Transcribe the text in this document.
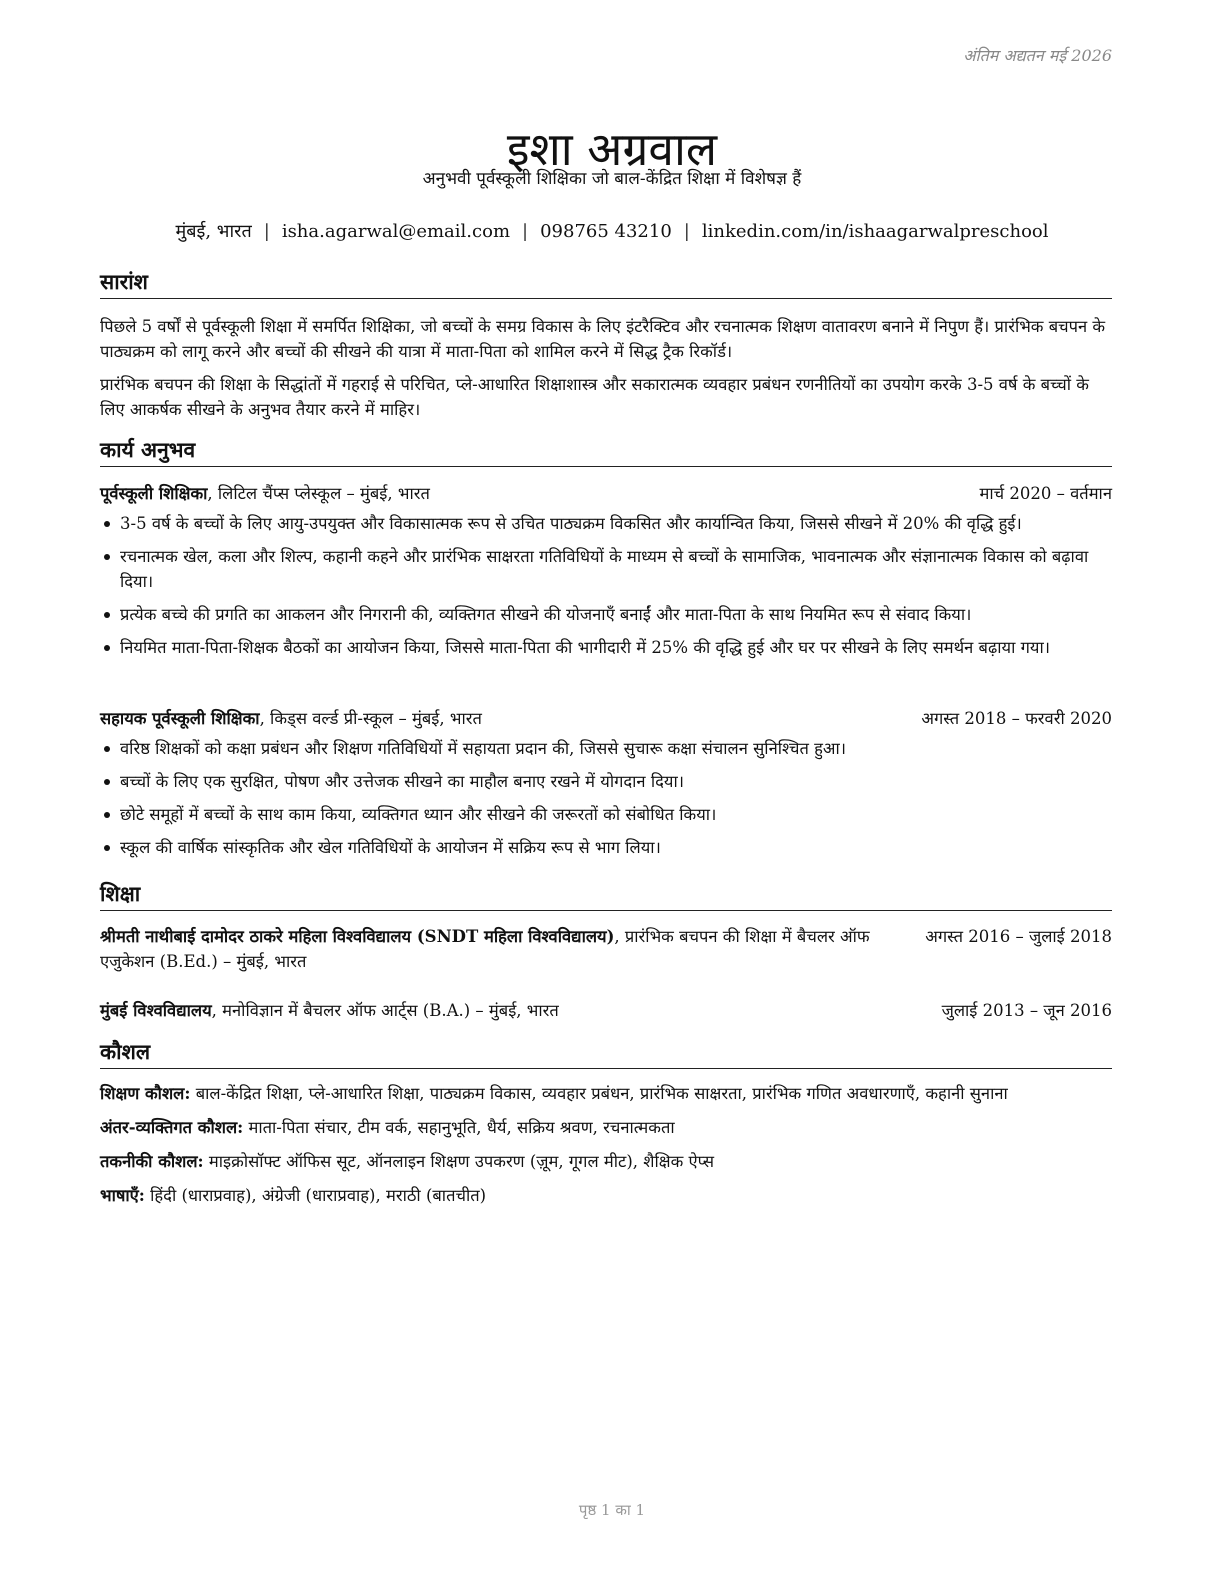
अंतिम अद्यतन मई 2026
इशा अग्रवाल
अनुभवी पूर्वस्कूली शिक्षिका जो बाल-केंद्रित शिक्षा में विशेषज्ञ हैं
मुंबई, भारत | isha.agarwal@email.com | 098765 43210 | linkedin.com/in/ishaagarwalpreschool
सारांश
पिछले 5 वर्षों से पूर्वस्कूली शिक्षा में समर्पित शिक्षिका, जो बच्चों के समग्र विकास के लिए इंटरैक्टिव और रचनात्मक शिक्षण वातावरण बनाने में निपुण हैं। प्रारंभिक बचपन के पाठ्यक्रम को लागू करने और बच्चों की सीखने की यात्रा में माता-पिता को शामिल करने में सिद्ध ट्रैक रिकॉर्ड।
प्रारंभिक बचपन की शिक्षा के सिद्धांतों में गहराई से परिचित, प्ले-आधारित शिक्षाशास्त्र और सकारात्मक व्यवहार प्रबंधन रणनीतियों का उपयोग करके 3-5 वर्ष के बच्चों के लिए आकर्षक सीखने के अनुभव तैयार करने में माहिर।
कार्य अनुभव
पूर्वस्कूली शिक्षिका, लिटिल चैंप्स प्लेस्कूल – मुंबई, भारत	मार्च 2020 – वर्तमान
3-5 वर्ष के बच्चों के लिए आयु-उपयुक्त और विकासात्मक रूप से उचित पाठ्यक्रम विकसित और कार्यान्वित किया, जिससे सीखने में 20% की वृद्धि हुई।
रचनात्मक खेल, कला और शिल्प, कहानी कहने और प्रारंभिक साक्षरता गतिविधियों के माध्यम से बच्चों के सामाजिक, भावनात्मक और संज्ञानात्मक विकास को बढ़ावा दिया।
प्रत्येक बच्चे की प्रगति का आकलन और निगरानी की, व्यक्तिगत सीखने की योजनाएँ बनाईं और माता-पिता के साथ नियमित रूप से संवाद किया।
नियमित माता-पिता-शिक्षक बैठकों का आयोजन किया, जिससे माता-पिता की भागीदारी में 25% की वृद्धि हुई और घर पर सीखने के लिए समर्थन बढ़ाया गया।
सहायक पूर्वस्कूली शिक्षिका, किड्स वर्ल्ड प्री-स्कूल – मुंबई, भारत	अगस्त 2018 – फरवरी 2020
वरिष्ठ शिक्षकों को कक्षा प्रबंधन और शिक्षण गतिविधियों में सहायता प्रदान की, जिससे सुचारू कक्षा संचालन सुनिश्चित हुआ।
बच्चों के लिए एक सुरक्षित, पोषण और उत्तेजक सीखने का माहौल बनाए रखने में योगदान दिया।
छोटे समूहों में बच्चों के साथ काम किया, व्यक्तिगत ध्यान और सीखने की जरूरतों को संबोधित किया।
स्कूल की वार्षिक सांस्कृतिक और खेल गतिविधियों के आयोजन में सक्रिय रूप से भाग लिया।
शिक्षा
श्रीमती नाथीबाई दामोदर ठाकरे महिला विश्वविद्यालय (SNDT महिला विश्वविद्यालय), प्रारंभिक बचपन की शिक्षा में बैचलर ऑफ एजुकेशन (B.Ed.) – मुंबई, भारत
अगस्त 2016 – जुलाई 2018
मुंबई विश्वविद्यालय, मनोविज्ञान में बैचलर ऑफ आर्ट्स (B.A.) – मुंबई, भारत	जुलाई 2013 – जून 2016
कौशल
शिक्षण कौशल: बाल-केंद्रित शिक्षा, प्ले-आधारित शिक्षा, पाठ्यक्रम विकास, व्यवहार प्रबंधन, प्रारंभिक साक्षरता, प्रारंभिक गणित अवधारणाएँ, कहानी सुनाना
अंतर-व्यक्तिगत कौशल: माता-पिता संचार, टीम वर्क, सहानुभूति, धैर्य, सक्रिय श्रवण, रचनात्मकता
तकनीकी कौशल: माइक्रोसॉफ्ट ऑफिस सूट, ऑनलाइन शिक्षण उपकरण (ज़ूम, गूगल मीट), शैक्षिक ऐप्स
भाषाएँ: हिंदी (धाराप्रवाह), अंग्रेजी (धाराप्रवाह), मराठी (बातचीत)
पृष्ठ 1 का 1
